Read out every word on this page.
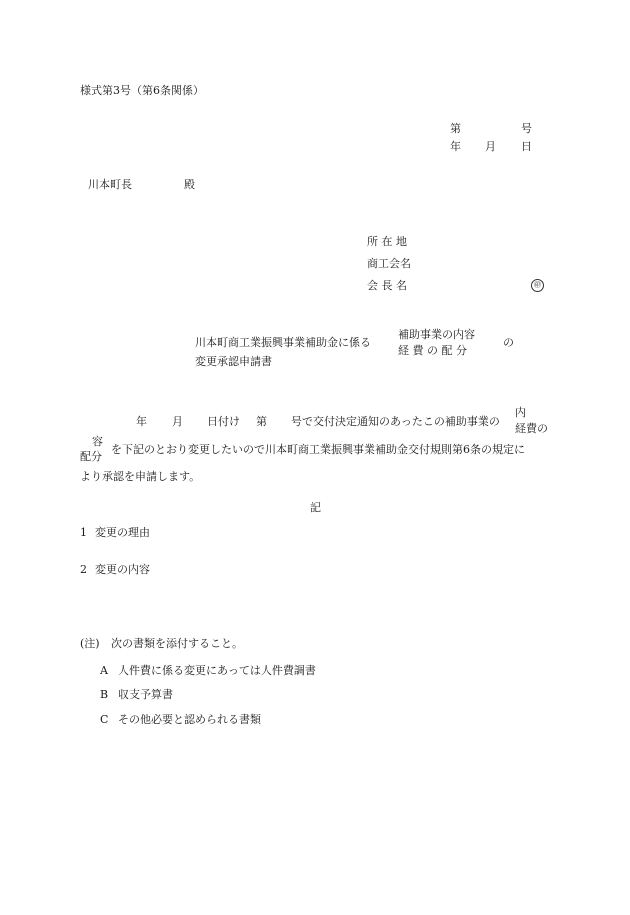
様式第3号（第6条関係）
第	号
年 月 日
川本町長	殿
所 在 地
商工会名
会 長 名	㊞
川本町商工業振興事業補助金に係る
変更承認申請書
補助事業の内容
経 費 の 配 分
の
年 月 日付け 第 号で交付決定通知のあったこの補助事業の
内
経費の
容
配分
を下記のとおり変更したいので川本町商工業振興事業補助金交付規則第6条の規定に
より承認を申請します。
記
1 変更の理由
2 変更の内容
(注) 次の書類を添付すること。
A 人件費に係る変更にあっては人件費調書
B 収支予算書
C その他必要と認められる書類
